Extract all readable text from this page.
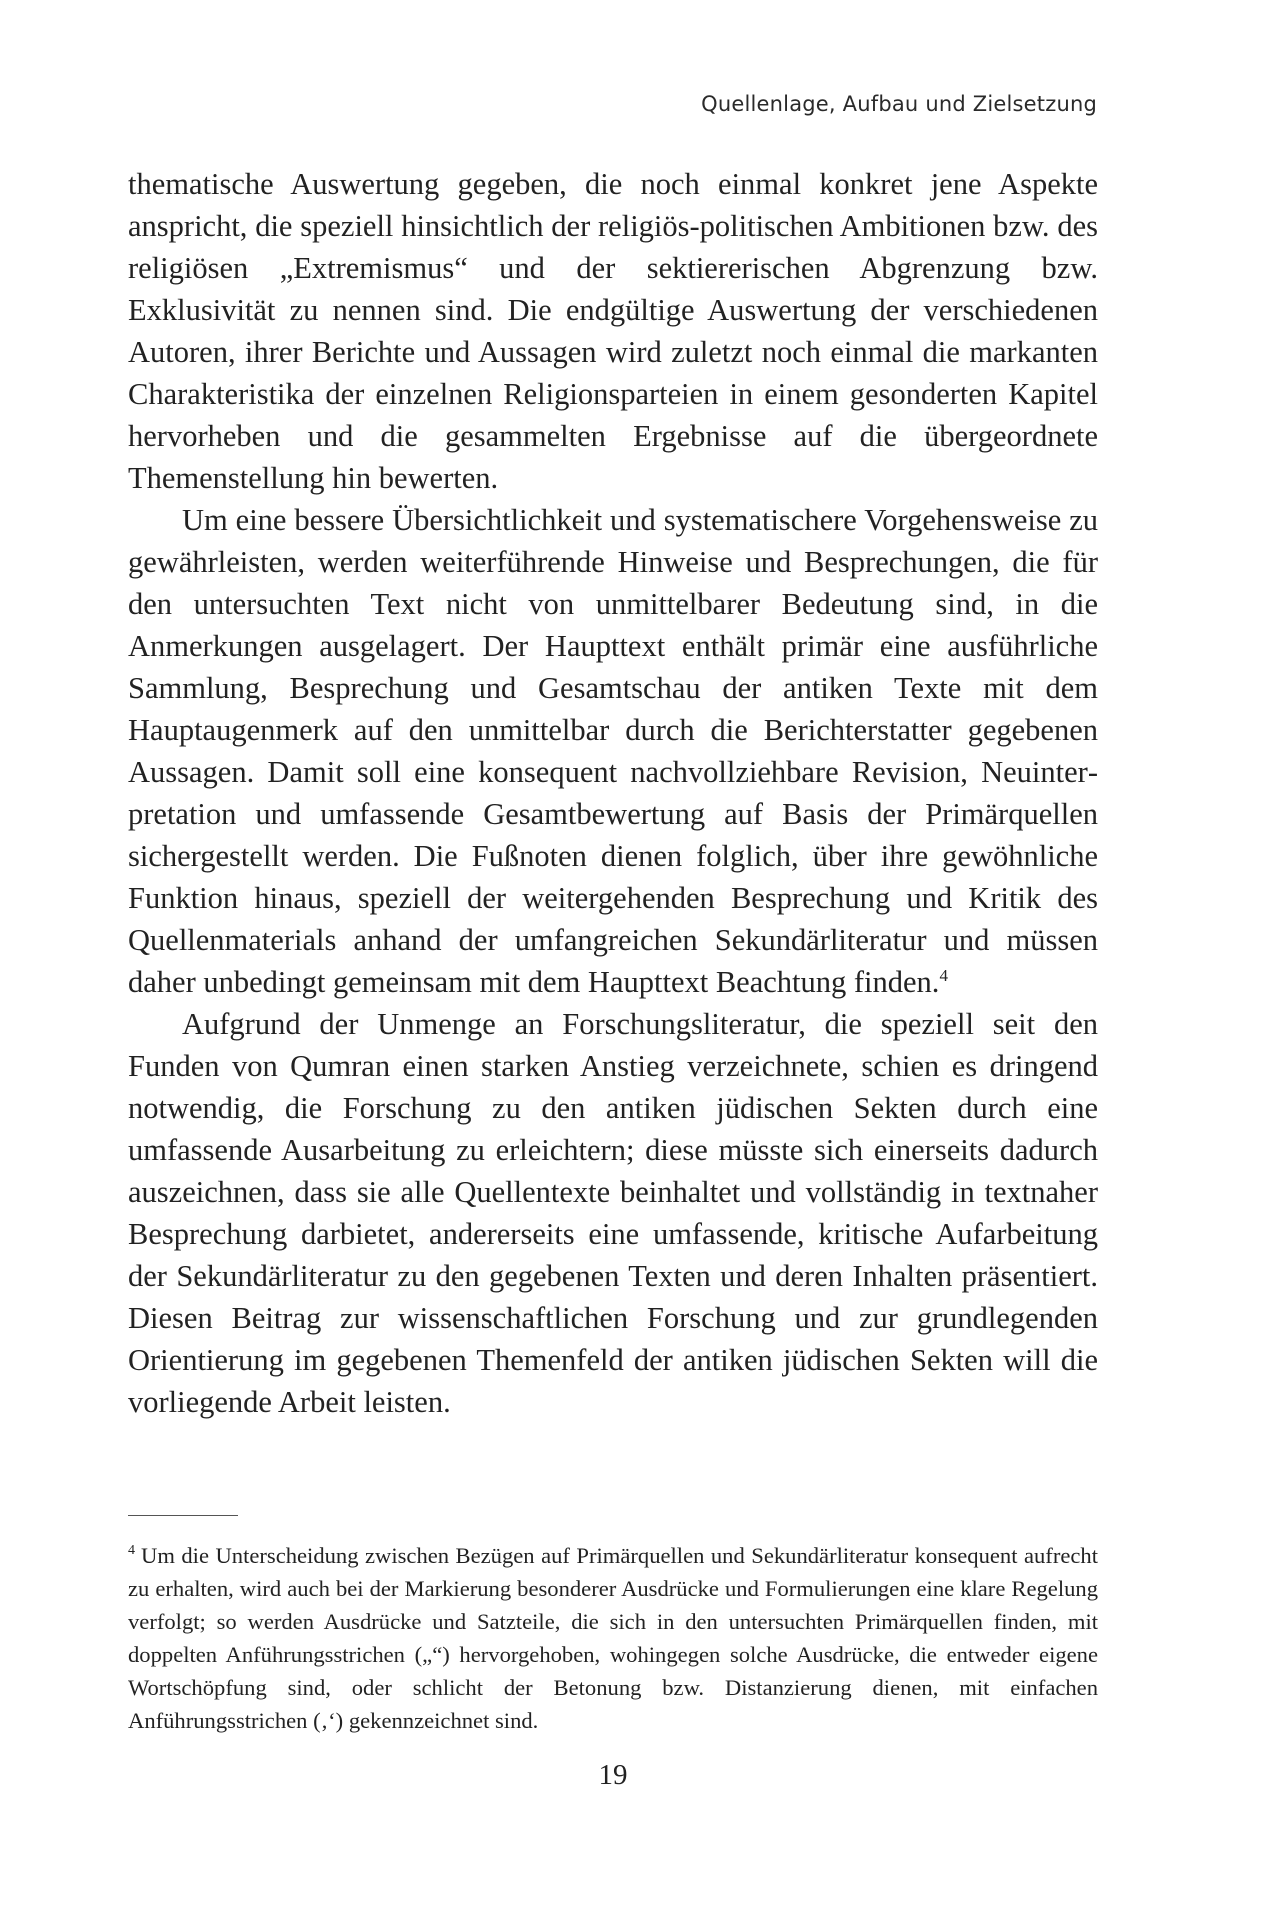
Quellenlage, Aufbau und Zielsetzung

thematische Auswertung gegeben, die noch einmal konkret jene Aspekte anspricht, die speziell hinsichtlich der religiös-politischen Ambitionen bzw. des religiösen „Extremismus“ und der sektiererischen Abgrenzung bzw. Exklusivität zu nennen sind. Die endgültige Auswertung der verschiedenen Autoren, ihrer Berichte und Aussagen wird zuletzt noch einmal die markanten Charakteristika der einzelnen Religionsparteien in einem gesonderten Kapitel hervorheben und die gesammelten Ergebnisse auf die übergeordnete Themenstellung hin bewerten.

Um eine bessere Übersichtlichkeit und systematischere Vorgehensweise zu gewährleisten, werden weiterführende Hinweise und Besprechungen, die für den untersuchten Text nicht von unmittelbarer Bedeutung sind, in die Anmerkungen ausgelagert. Der Haupttext enthält primär eine ausführliche Sammlung, Besprechung und Gesamtschau der antiken Texte mit dem Hauptaugenmerk auf den unmittelbar durch die Berichterstatter gegebenen Aussagen. Damit soll eine konsequent nachvollziehbare Revision, Neuinterpretation und umfassende Gesamtbewertung auf Basis der Primärquellen sichergestellt werden. Die Fußnoten dienen folglich, über ihre gewöhnliche Funktion hinaus, speziell der weitergehenden Besprechung und Kritik des Quellenmaterials anhand der umfangreichen Sekundärliteratur und müssen daher unbedingt gemeinsam mit dem Haupttext Beachtung finden.$^4$

Aufgrund der Unmenge an Forschungsliteratur, die speziell seit den Funden von Qumran einen starken Anstieg verzeichnete, schien es dringend notwendig, die Forschung zu den antiken jüdischen Sekten durch eine umfassende Ausarbeitung zu erleichtern; diese müsste sich einerseits dadurch auszeichnen, dass sie alle Quellentexte beinhaltet und vollständig in textnaher Besprechung darbietet, andererseits eine umfassende, kritische Aufarbeitung der Sekundärliteratur zu den gegebenen Texten und deren Inhalten präsentiert. Diesen Beitrag zur wissenschaftlichen Forschung und zur grundlegenden Orientierung im gegebenen Themenfeld der antiken jüdischen Sekten will die vorliegende Arbeit leisten.

$^4$ Um die Unterscheidung zwischen Bezügen auf Primärquellen und Sekundärliteratur konsequent aufrecht zu erhalten, wird auch bei der Markierung besonderer Ausdrücke und Formulierungen eine klare Regelung verfolgt; so werden Ausdrücke und Satzteile, die sich in den untersuchten Primärquellen finden, mit doppelten Anführungsstrichen („“) hervorgehoben, wohingegen solche Ausdrücke, die entweder eigene Wortschöpfung sind, oder schlicht der Betonung bzw. Distanzierung dienen, mit einfachen Anführungsstrichen (‚‘) gekennzeichnet sind.

19
